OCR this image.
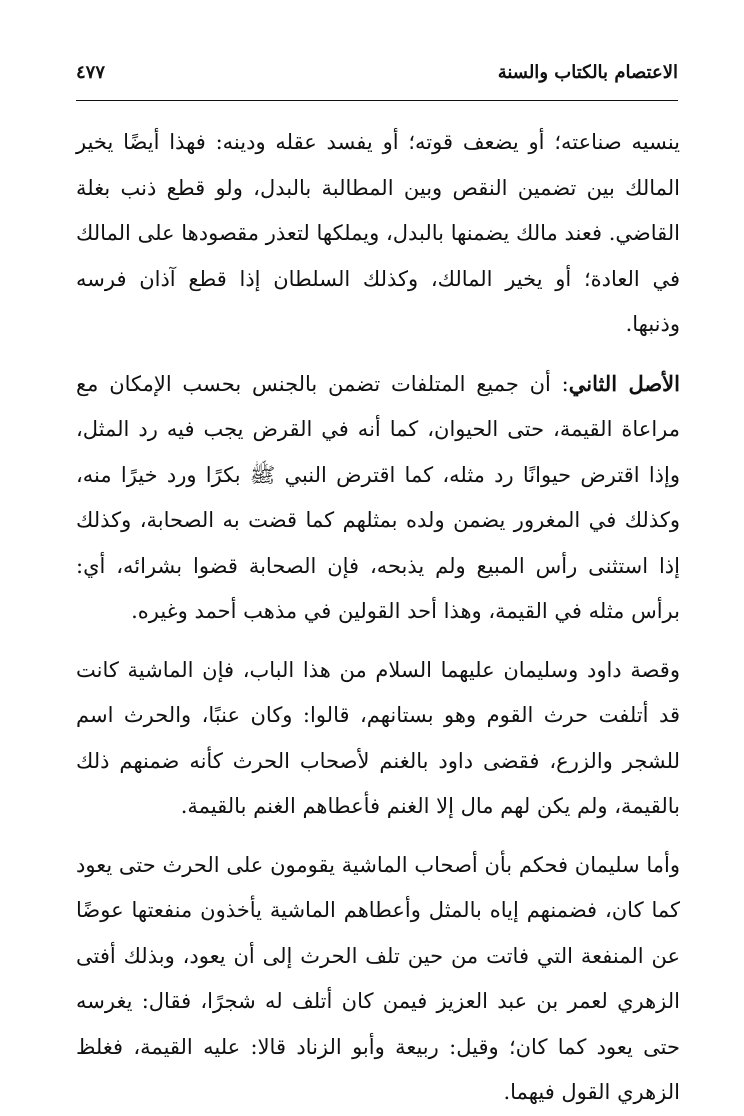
الاعتصام بالكتاب والسنة
٤٧٧

ينسيه صناعته؛ أو يضعف قوته؛ أو يفسد عقله ودينه: فهذا أيضًا يخير المالك بين تضمين النقص وبين المطالبة بالبدل، ولو قطع ذنب بغلة القاضي. فعند مالك يضمنها بالبدل، ويملكها لتعذر مقصودها على المالك في العادة؛ أو يخير المالك، وكذلك السلطان إذا قطع آذان فرسه وذنبها.

الأصل الثاني: أن جميع المتلفات تضمن بالجنس بحسب الإمكان مع مراعاة القيمة، حتى الحيوان، كما أنه في القرض يجب فيه رد المثل، وإذا اقترض حيوانًا رد مثله، كما اقترض النبي ﷺ بكرًا ورد خيرًا منه، وكذلك في المغرور يضمن ولده بمثلهم كما قضت به الصحابة، وكذلك إذا استثنى رأس المبيع ولم يذبحه، فإن الصحابة قضوا بشرائه، أي: برأس مثله في القيمة، وهذا أحد القولين في مذهب أحمد وغيره.

وقصة داود وسليمان عليهما السلام من هذا الباب، فإن الماشية كانت قد أتلفت حرث القوم وهو بستانهم، قالوا: وكان عنبًا، والحرث اسم للشجر والزرع، فقضى داود بالغنم لأصحاب الحرث كأنه ضمنهم ذلك بالقيمة، ولم يكن لهم مال إلا الغنم فأعطاهم الغنم بالقيمة.

وأما سليمان فحكم بأن أصحاب الماشية يقومون على الحرث حتى يعود كما كان، فضمنهم إياه بالمثل وأعطاهم الماشية يأخذون منفعتها عوضًا عن المنفعة التي فاتت من حين تلف الحرث إلى أن يعود، وبذلك أفتى الزهري لعمر بن عبد العزيز فيمن كان أتلف له شجرًا، فقال: يغرسه حتى يعود كما كان؛ وقيل: ربيعة وأبو الزناد قالا: عليه القيمة، فغلظ الزهري القول فيهما.
